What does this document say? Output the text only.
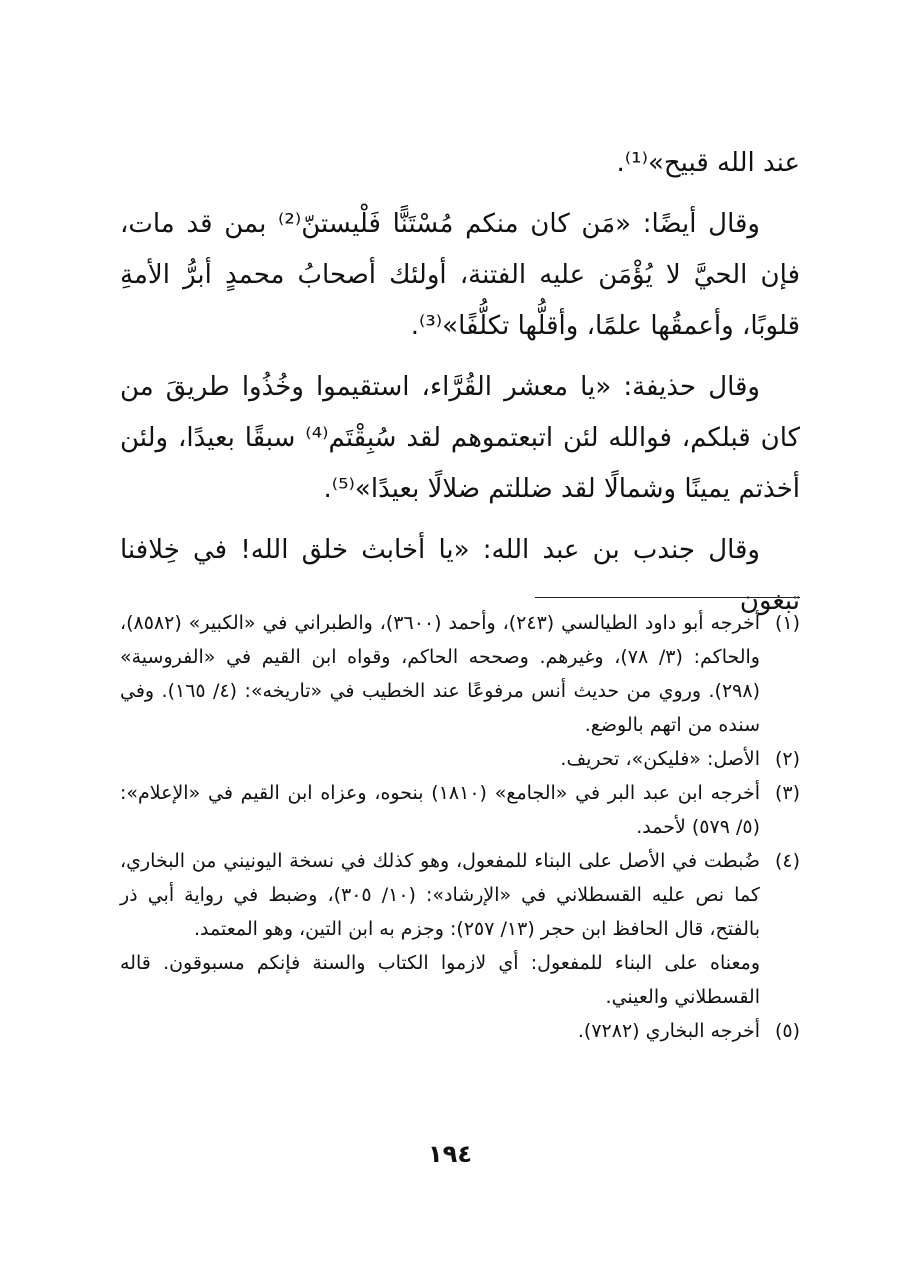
عند الله قبيح»⁽¹⁾.

وقال أيضًا: «مَن كان منكم مُسْتَنًّا فَلْيستنّ⁽²⁾ بمن قد مات، فإن الحيَّ لا يُؤْمَن عليه الفتنة، أولئك أصحابُ محمدٍ أبرُّ الأمةِ قلوبًا، وأعمقُها علمًا، وأقلُّها تكلُّفًا»⁽³⁾.

وقال حذيفة: «يا معشر القُرَّاء، استقيموا وخُذُوا طريقَ من كان قبلكم، فوالله لئن اتبعتموهم لقد سُبِقْتَم⁽⁴⁾ سبقًا بعيدًا، ولئن أخذتم يمينًا وشمالًا لقد ضللتم ضلالًا بعيدًا»⁽⁵⁾.

وقال جندب بن عبد الله: «يا أخابث خلق الله! في خِلافنا تبغون

(١)
أخرجه أبو داود الطيالسي (٢٤٣)، وأحمد (٣٦٠٠)، والطبراني في «الكبير» (٨٥٨٢)، والحاكم: (٣/ ٧٨)، وغيرهم. وصححه الحاكم، وقواه ابن القيم في «الفروسية» (٢٩٨). وروي من حديث أنس مرفوعًا عند الخطيب في «تاريخه»: (٤/ ١٦٥). وفي سنده من اتهم بالوضع.
(٢)
الأصل: «فليكن»، تحريف.
(٣)
أخرجه ابن عبد البر في «الجامع» (١٨١٠) بنحوه، وعزاه ابن القيم في «الإعلام»: (٥/ ٥٧٩) لأحمد.
(٤)
ضُبطت في الأصل على البناء للمفعول، وهو كذلك في نسخة اليونيني من البخاري، كما نص عليه القسطلاني في «الإرشاد»: (١٠/ ٣٠٥)، وضبط في رواية أبي ذر بالفتح، قال الحافظ ابن حجر (١٣/ ٢٥٧): وجزم به ابن التين، وهو المعتمد.
ومعناه على البناء للمفعول: أي لازموا الكتاب والسنة فإنكم مسبوقون. قاله القسطلاني والعيني.
(٥)
أخرجه البخاري (٧٢٨٢).
١٩٤
